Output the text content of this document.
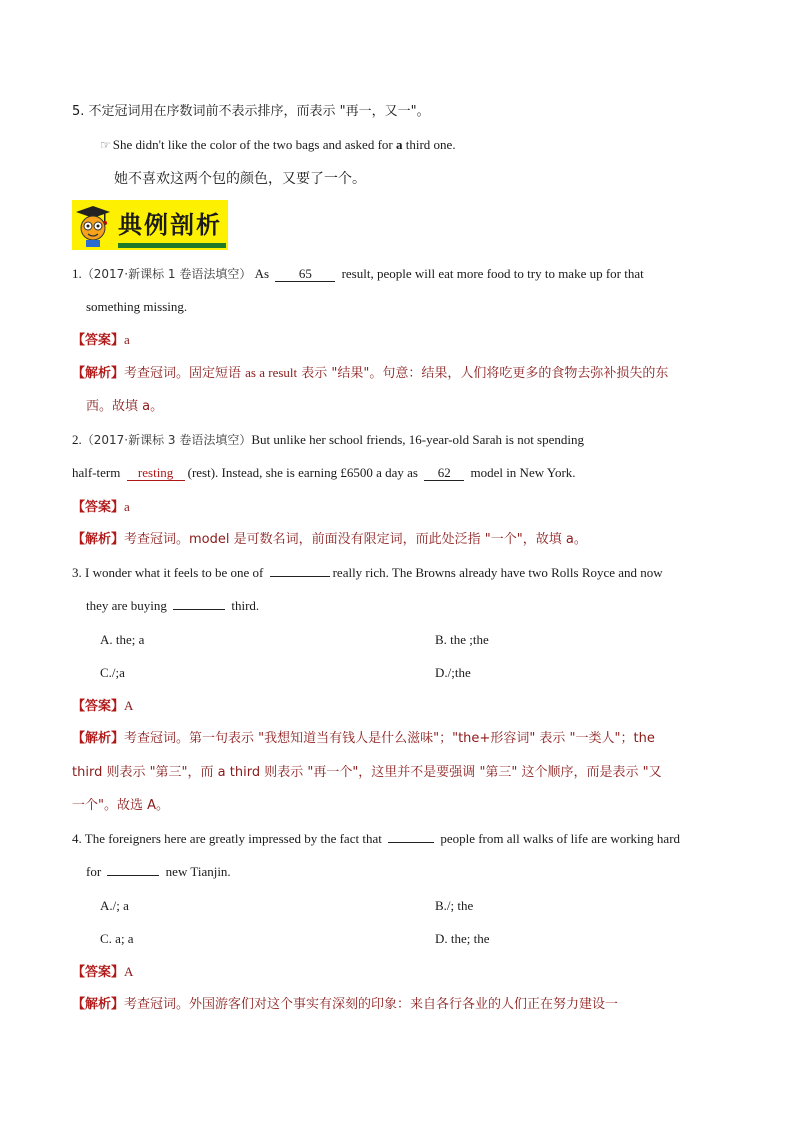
5. 不定冠词用在序数词前不表示排序，而表示 "再一，又一"。
☞ She didn't like the color of the two bags and asked for a third one.
她不喜欢这两个包的颜色，又要了一个。
典例剖析
1.（2017·新课标 1 卷语法填空） As 65 result, people will eat more food to try to make up for that
something missing.
【答案】a
【解析】考查冠词。固定短语 as a result 表示 "结果"。句意：结果，人们将吃更多的食物去弥补损失的东
西。故填 a。
2.（2017·新课标 3 卷语法填空）But unlike her school friends, 16-year-old Sarah is not spending
half-term resting (rest). Instead, she is earning £6500 a day as 62 model in New York.
【答案】a
【解析】考查冠词。model 是可数名词，前面没有限定词，而此处泛指 "一个"，故填 a。
3. I wonder what it feels to be one of	really rich. The Browns already have two Rolls Royce and now
they are buying	third.
A. the; a	B. the ;the
C./;a	D./;the
【答案】A
【解析】考查冠词。第一句表示 "我想知道当有钱人是什么滋味"；"the+形容词" 表示 "一类人"；the
third 则表示 "第三"，而 a third 则表示 "再一个"，这里并不是要强调 "第三" 这个顺序，而是表示 "又
一个"。故选 A。
4. The foreigners here are greatly impressed by the fact that	people from all walks of life are working hard
for	new Tianjin.
A./; a	B./; the
C. a; a	D. the; the
【答案】A
【解析】考查冠词。外国游客们对这个事实有深刻的印象：来自各行各业的人们正在努力建设一
